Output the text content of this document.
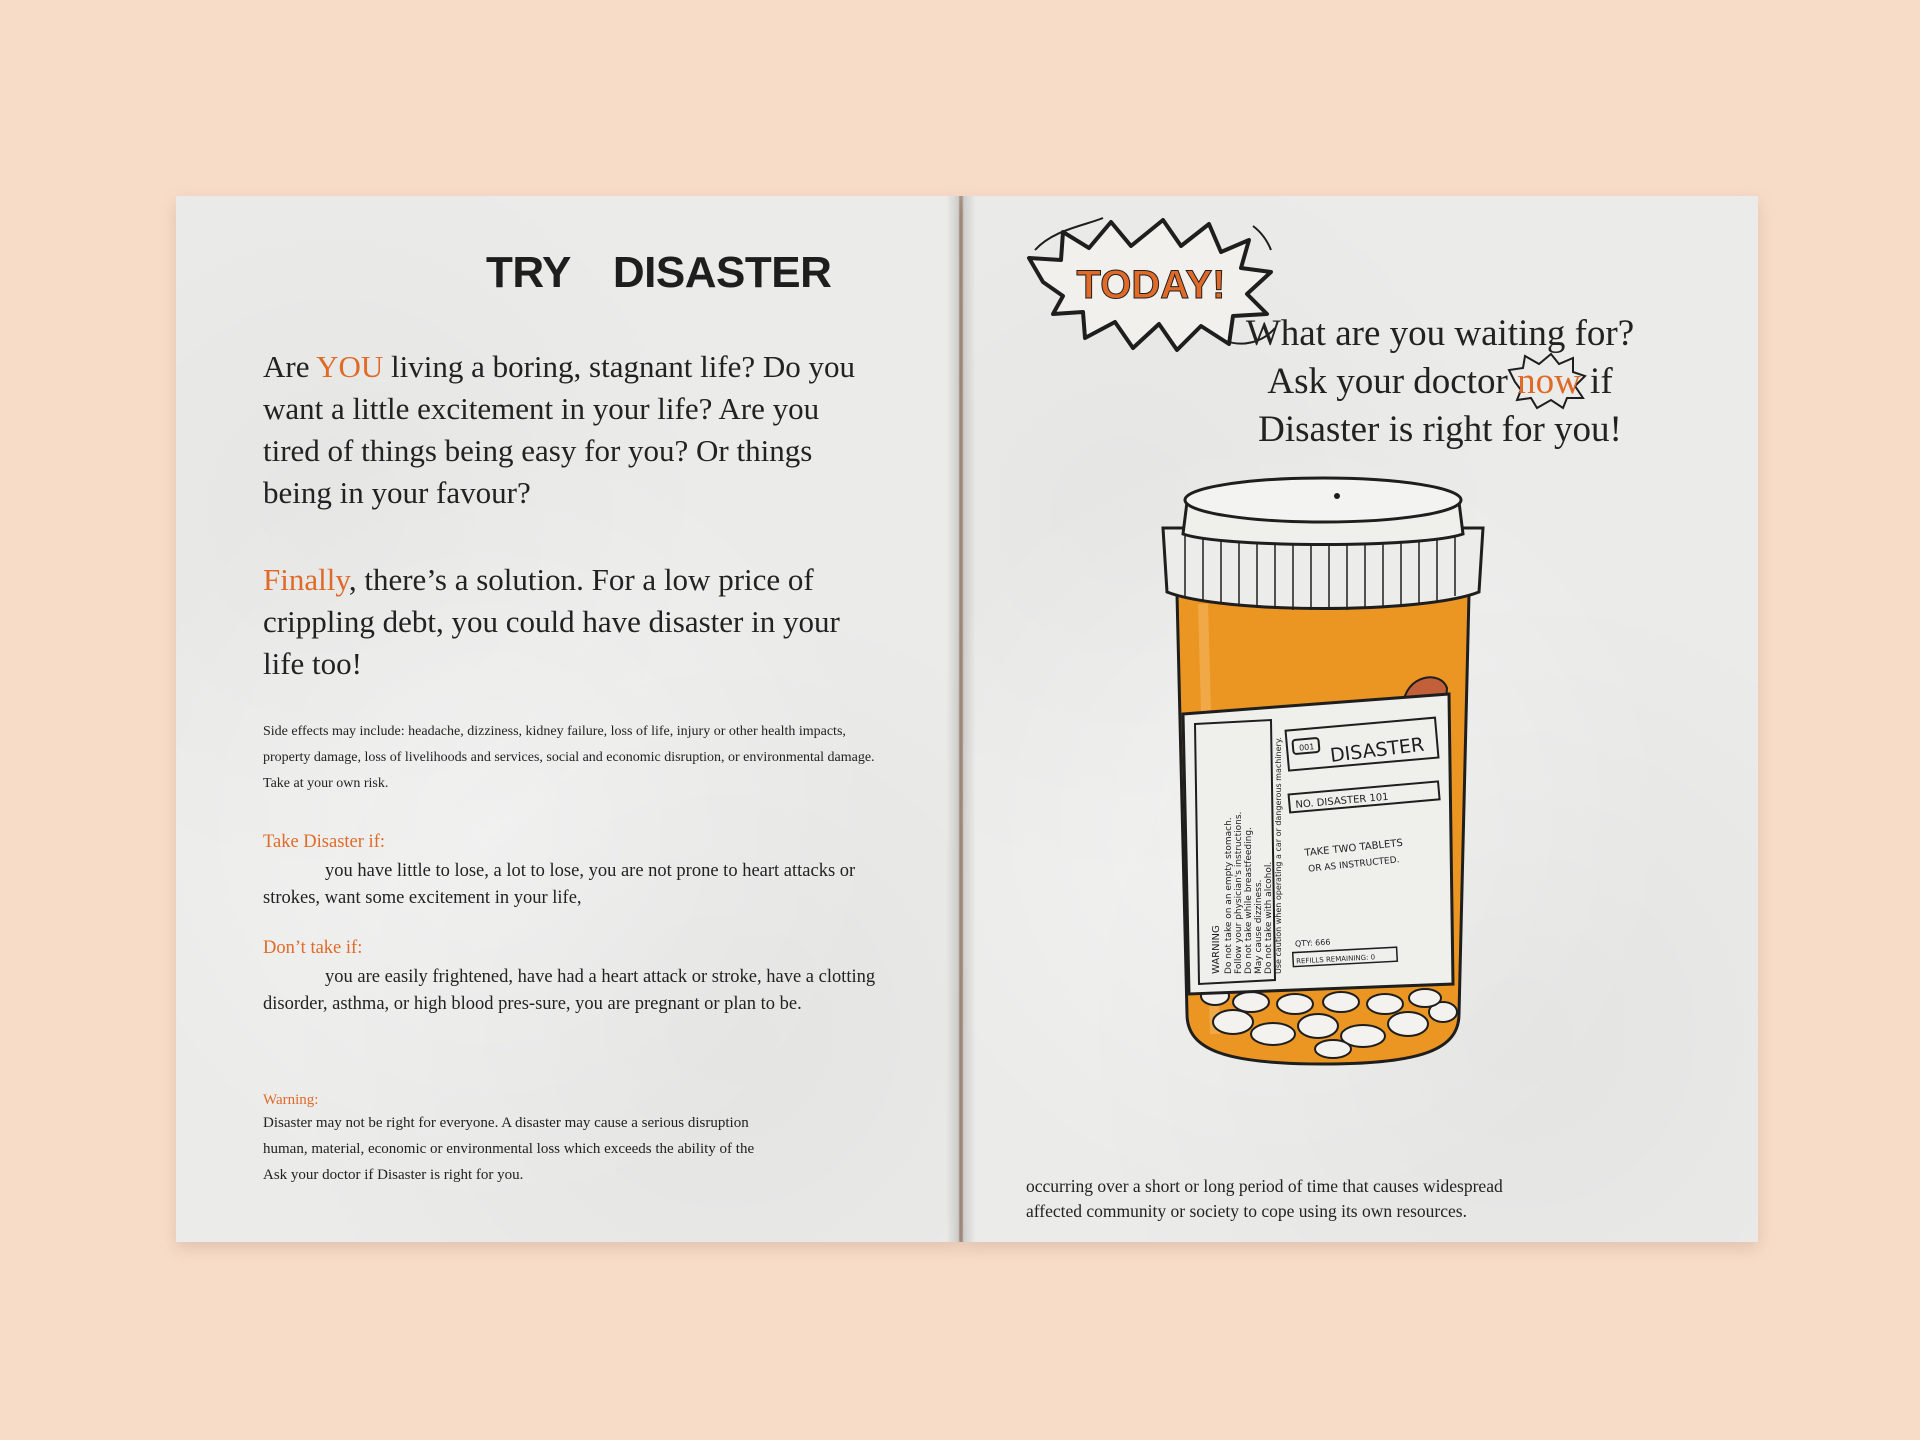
TRY DISASTER
Are YOU living a boring, stagnant life? Do you want a little excitement in your life? Are you tired of things being easy for you? Or things being in your favour?
Finally, there’s a solution. For a low price of crippling debt, you could have disaster in your life too!
Side effects may include: headache, dizziness, kidney failure, loss of life, injury or other health impacts, property damage, loss of livelihoods and services, social and economic disruption, or environmental damage. Take at your own risk.
Take Disaster if:
you have little to lose, a lot to lose, you are not prone to heart attacks or strokes, want some excitement in your life,
Don’t take if:
you are easily frightened, have had a heart attack or stroke, have a clotting disorder, asthma, or high blood pres-sure, you are pregnant or plan to be.
Warning:
Disaster may not be right for everyone. A disaster may cause a serious disruption
human, material, economic or environmental loss which exceeds the ability of the
Ask your doctor if Disaster is right for you.
TODAY!
What are you waiting for?
Ask your doctor now if
Disaster is right for you!
WARNING Do not take on an empty stomach. Follow your physician's instructions. Do not take while breastfeeding. May cause dizziness. Do not take with alcohol. Use caution when operating a car or dangerous machinery. 001 DISASTER
NO. DISASTER 101
TAKE TWO TABLETS
OR AS INSTRUCTED.
QTY: 666
REFILLS REMAINING: 0
occurring over a short or long period of time that causes widespread
affected community or society to cope using its own resources.
